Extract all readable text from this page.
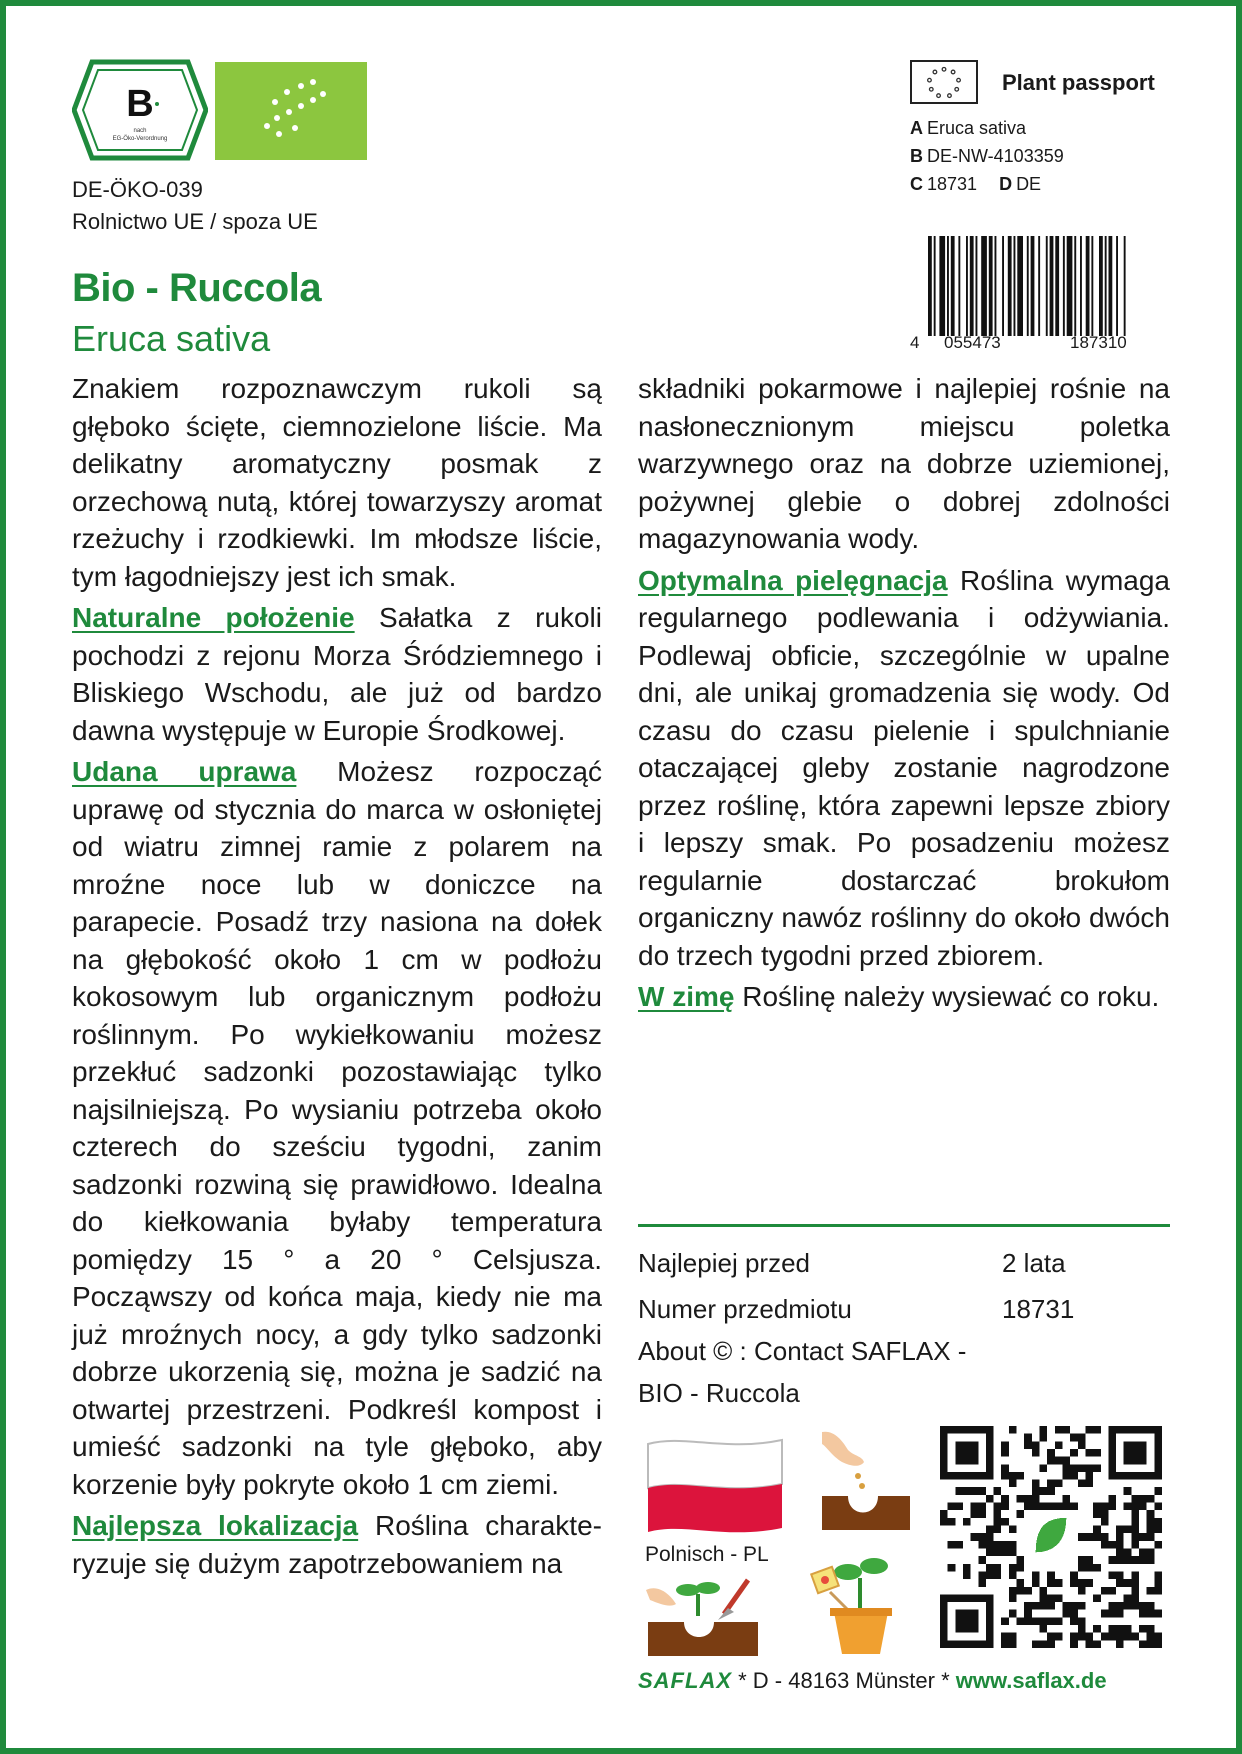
B
nach
EG-Öko-Verordnung
DE-ÖKO-039
Rolnictwo UE / spoza UE
Plant passport
A Eruca sativa
B DE-NW-4103359
C 18731 D DE
4 055473	187310
Bio - Ruccola
Eruca sativa

Znakiem rozpoznawczym rukoli są głęboko ścięte, ciemnozielone liście. Ma delikatny aromatyczny posmak z orzechową nutą, której towarzyszy aromat rzeżuchy i rzodkiewki. Im młodsze liście, tym łagodniejszy jest ich smak.

Naturalne położenie Sałatka z rukoli pochodzi z rejonu Morza Śródziemnego i Bliskiego Wschodu, ale już od bardzo dawna występuje w Europie Środkowej.

Udana uprawa Możesz rozpocząć uprawę od stycznia do marca w osłoniętej od wiatru zimnej ramie z polarem na mroźne noce lub w doniczce na parapecie. Posadź trzy nasiona na dołek na głębokość około 1 cm w podłożu kokosowym lub organicznym podłożu roślinnym. Po wykiełkowaniu możesz przekłuć sadzonki pozostawiając tylko najsilniejszą. Po wysianiu potrzeba około czterech do sześciu tygodni, zanim sadzonki rozwiną się prawidłowo. Idealna do kiełkowania byłaby temperatura pomiędzy 15 ° a 20 ° Celsjusza. Począwszy od końca maja, kiedy nie ma już mroźnych nocy, a gdy tylko sadzonki dobrze ukorzenią się, można je sadzić na otwartej przestrzeni. Podkreśl kompost i umieść sadzonki na tyle głęboko, aby korzenie były pokryte około 1 cm ziemi.

Najlepsza lokalizacja Roślina charakteryzuje się dużym zapotrzebowaniem na

składniki pokarmowe i najlepiej rośnie na nasłonecznionym miejscu poletka warzywnego oraz na dobrze uziemionej, pożywnej glebie o dobrej zdolności magazynowania wody.

Optymalna pielęgnacja Roślina wymaga regularnego podlewania i odżywiania. Podlewaj obficie, szczególnie w upalne dni, ale unikaj gromadzenia się wody. Od czasu do czasu pielenie i spulchnianie otaczającej gleby zostanie nagrodzone przez roślinę, która zapewni lepsze zbiory i lepszy smak. Po posadzeniu możesz regularnie dostarczać brokułom organiczny nawóz roślinny do około dwóch do trzech tygodni przed zbiorem.

W zimę Roślinę należy wysiewać co roku.

Najlepiej przed	2 lata
Numer przedmiotu	18731
About © : Contact SAFLAX -
BIO - Ruccola
Polnisch - PL
SAFLAX * D - 48163 Münster * www.saflax.de
